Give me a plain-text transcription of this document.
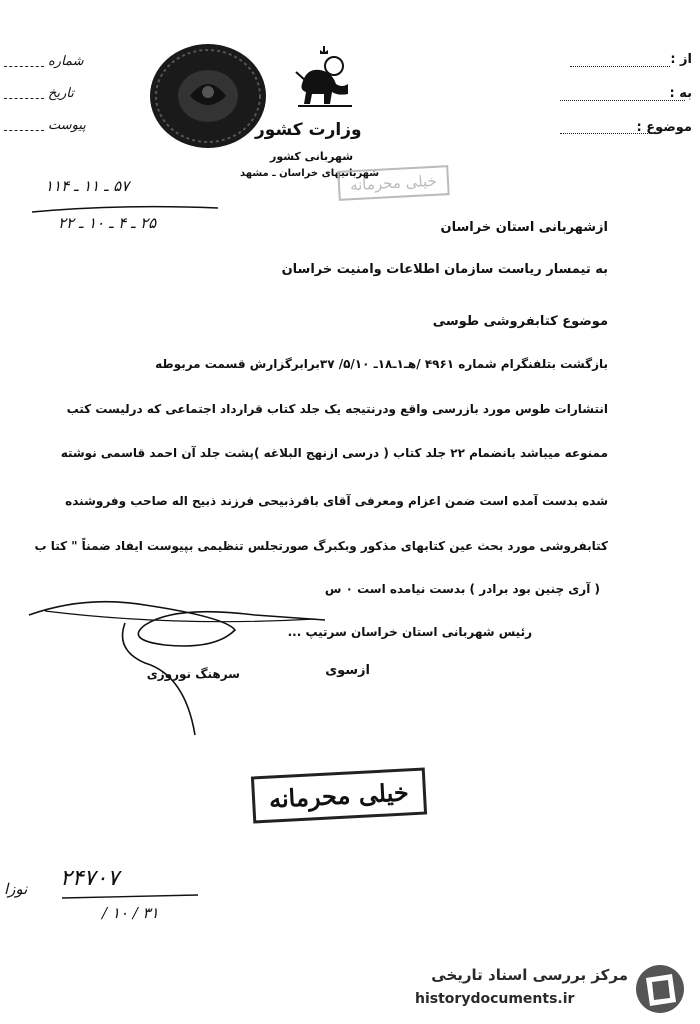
از :
به :
موضوع :
شماره
تاریخ
پیوست	وزارت کشور
شهربانی کشور
شهربانیهای خراسان ـ مشهد
خیلی محرمانه
۵۷ ـ ۱۱ ـ ۱۱۴
۲۵ ـ ۴ ـ ۱۰ ـ ۲۲	ازشهربانی استان خراسان
به تیمسار ریاست سازمان اطلاعات وامنیت خراسان
موضوع کتابفروشی طوسی
بازگشت بتلفنگرام شماره ۴۹۶۱ /هـ۱ـ۱۸ـ ۵/۱۰/ ۳۷برابرگزارش قسمت مربوطه
انتشارات طوس مورد بازرسی واقع ودرنتیجه یک جلد کتاب قرارداد اجتماعی که درلیست کتب
ممنوعه میباشد بانضمام ۲۲ جلد کتاب ( درسی ازنهج البلاغه )پشت جلد آن احمد قاسمی نوشته
شده بدست آمده است ضمن اعزام ومعرفی آقای باقرذبیحی فرزند ذبیح اله صاحب وفروشنده
کتابفروشی مورد بحث عین کتابهای مذکور وبکبرگ صورتجلس تنظیمی بپیوست ایفاد ضمناً " کتا ب
( آری چنین بود برادر ) بدست نیامده است ٠ س
رئیس شهربانی استان خراسان سرتیپ ...
ازسوی
سرهنگ نوروزی
خیلی محرمانه
۲۴۷۰۷
۳۱ / ۱۰ /
نوزا
مرکز بررسی اسناد تاریخی
historydocuments.ir
